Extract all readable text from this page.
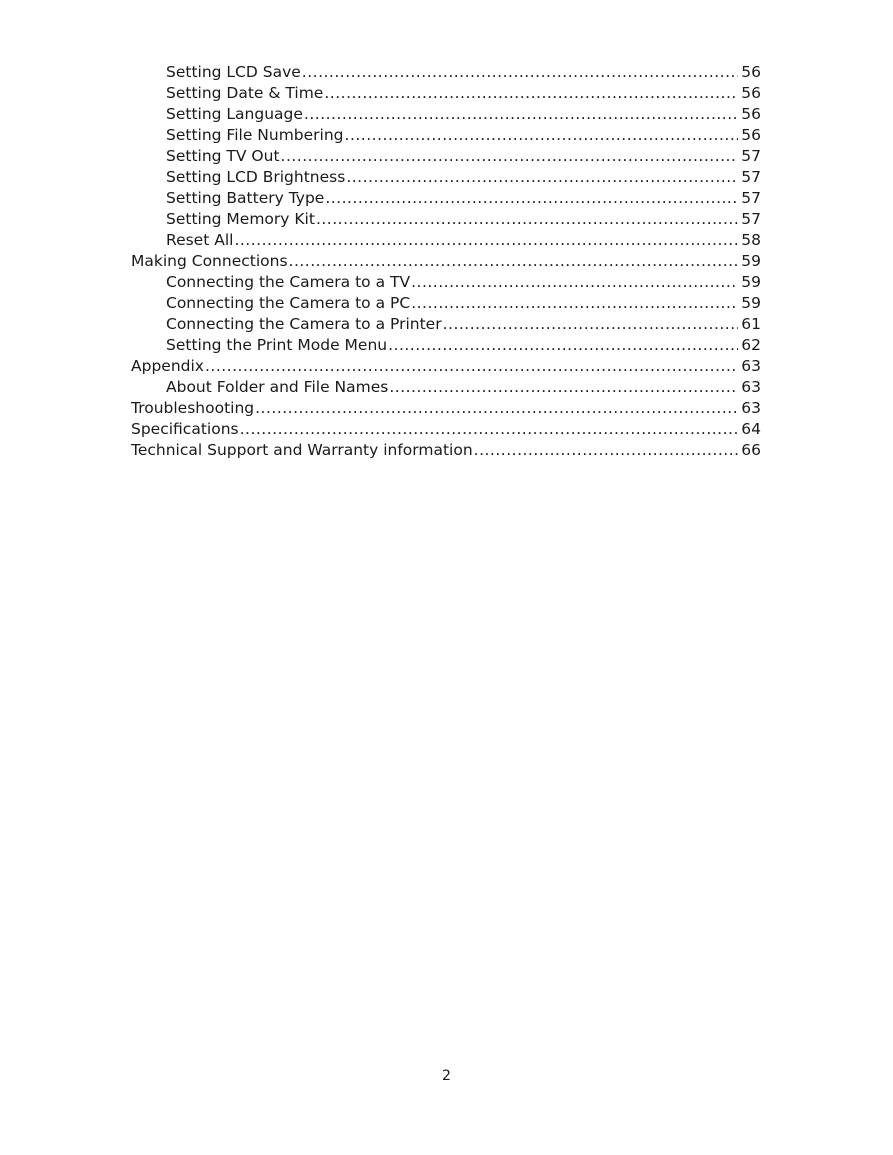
Setting LCD Save .....	56
Setting Date & Time .....	56
Setting Language .....	56
Setting File Numbering .....	56
Setting TV Out .....	57
Setting LCD Brightness .....	57
Setting Battery Type .....	57
Setting Memory Kit .....	57
Reset All .....	58
Making Connections .....	59
Connecting the Camera to a TV .....	59
Connecting the Camera to a PC .....	59
Connecting the Camera to a Printer .....	61
Setting the Print Mode Menu .....	62
Appendix .....	63
About Folder and File Names .....	63
Troubleshooting .....	63
Specifications .....	64
Technical Support and Warranty information .....	66
2
